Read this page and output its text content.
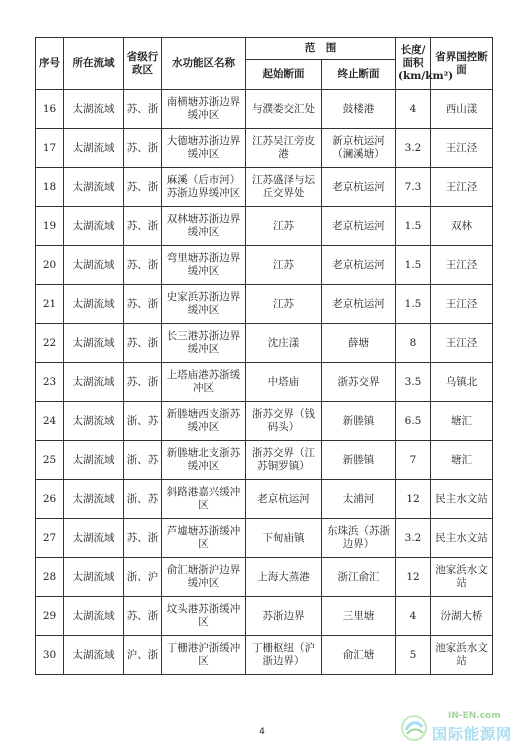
序号	所在流域	省级行政区	水功能区名称	范　围		长度/面积(km/km²)	省界国控断面
				起始断面	终止断面		
16	太湖流域	苏、浙	南横塘苏浙边界缓冲区	与濮娄交汇处	鼓楼港	4	西山漾
17	太湖流域	苏、浙	大德塘苏浙边界缓冲区	江苏吴江旁皮港	新京杭运河（澜溪塘）	3.2	王江泾
18	太湖流域	苏、浙	麻溪（后市河）苏浙边界缓冲区	江苏盛泽与坛丘交界处	老京杭运河	7.3	王江泾
19	太湖流域	苏、浙	双林塘苏浙边界缓冲区	江苏	老京杭运河	1.5	双林
20	太湖流域	苏、浙	弯里塘苏浙边界缓冲区	江苏	老京杭运河	1.5	王江泾
21	太湖流域	苏、浙	史家浜苏浙边界缓冲区	江苏	老京杭运河	1.5	王江泾
22	太湖流域	苏、浙	长三港苏浙边界缓冲区	沈庄漾	薛塘	8	王江泾
23	太湖流域	苏、浙	上塔庙港苏浙缓冲区	中塔庙	浙苏交界	3.5	乌镇北
24	太湖流域	浙、苏	新塍塘西支浙苏缓冲区	浙苏交界（钱码头）	新塍镇	6.5	塘汇
25	太湖流域	浙、苏	新塍塘北支浙苏缓冲区	浙苏交界（江苏铜罗镇）	新塍镇	7	塘汇
26	太湖流域	浙、苏	斜路港嘉兴缓冲区	老京杭运河	太浦河	12	民主水文站
27	太湖流域	苏、浙	芦墟塘苏浙缓冲区	下甸庙镇	东珠浜（苏浙边界）	3.2	民主水文站
28	太湖流域	浙、沪	俞汇塘浙沪边界缓冲区	上海大蒸港	浙江俞汇	12	池家浜水文站
29	太湖流域	苏、浙	坟头港苏浙缓冲区	苏浙边界	三里塘	4	汾湖大桥
30	太湖流域	沪、浙	丁栅港沪浙缓冲区	丁栅枢纽（沪浙边界）	俞汇塘	5	池家浜水文站
4
IN-EN.com
国际能源网
